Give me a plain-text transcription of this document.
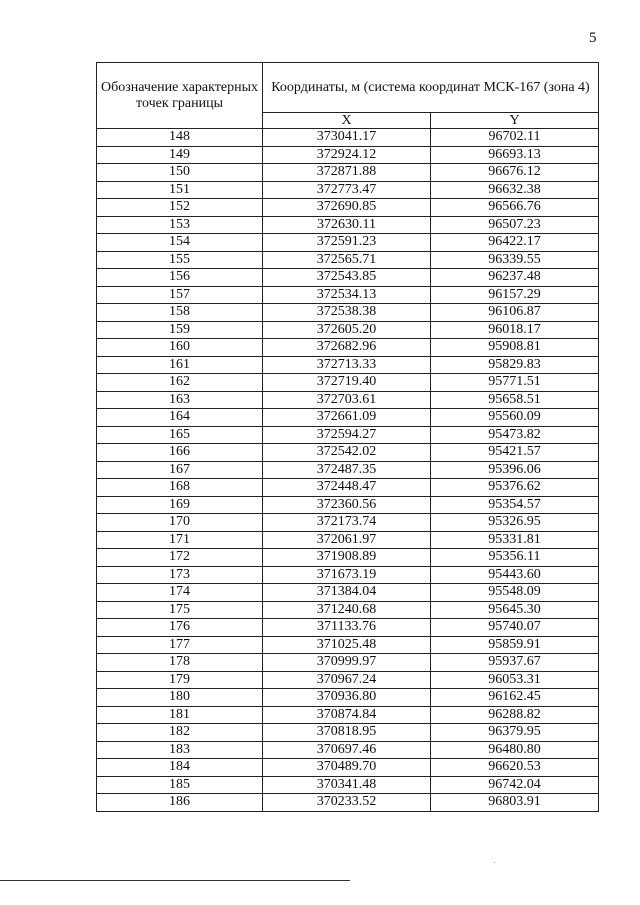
5
Обозначение характерных точек границы	Координаты, м (система координат МСК-167 (зона 4)	
	X	Y
148	373041.17	96702.11
149	372924.12	96693.13
150	372871.88	96676.12
151	372773.47	96632.38
152	372690.85	96566.76
153	372630.11	96507.23
154	372591.23	96422.17
155	372565.71	96339.55
156	372543.85	96237.48
157	372534.13	96157.29
158	372538.38	96106.87
159	372605.20	96018.17
160	372682.96	95908.81
161	372713.33	95829.83
162	372719.40	95771.51
163	372703.61	95658.51
164	372661.09	95560.09
165	372594.27	95473.82
166	372542.02	95421.57
167	372487.35	95396.06
168	372448.47	95376.62
169	372360.56	95354.57
170	372173.74	95326.95
171	372061.97	95331.81
172	371908.89	95356.11
173	371673.19	95443.60
174	371384.04	95548.09
175	371240.68	95645.30
176	371133.76	95740.07
177	371025.48	95859.91
178	370999.97	95937.67
179	370967.24	96053.31
180	370936.80	96162.45
181	370874.84	96288.82
182	370818.95	96379.95
183	370697.46	96480.80
184	370489.70	96620.53
185	370341.48	96742.04
186	370233.52	96803.91
